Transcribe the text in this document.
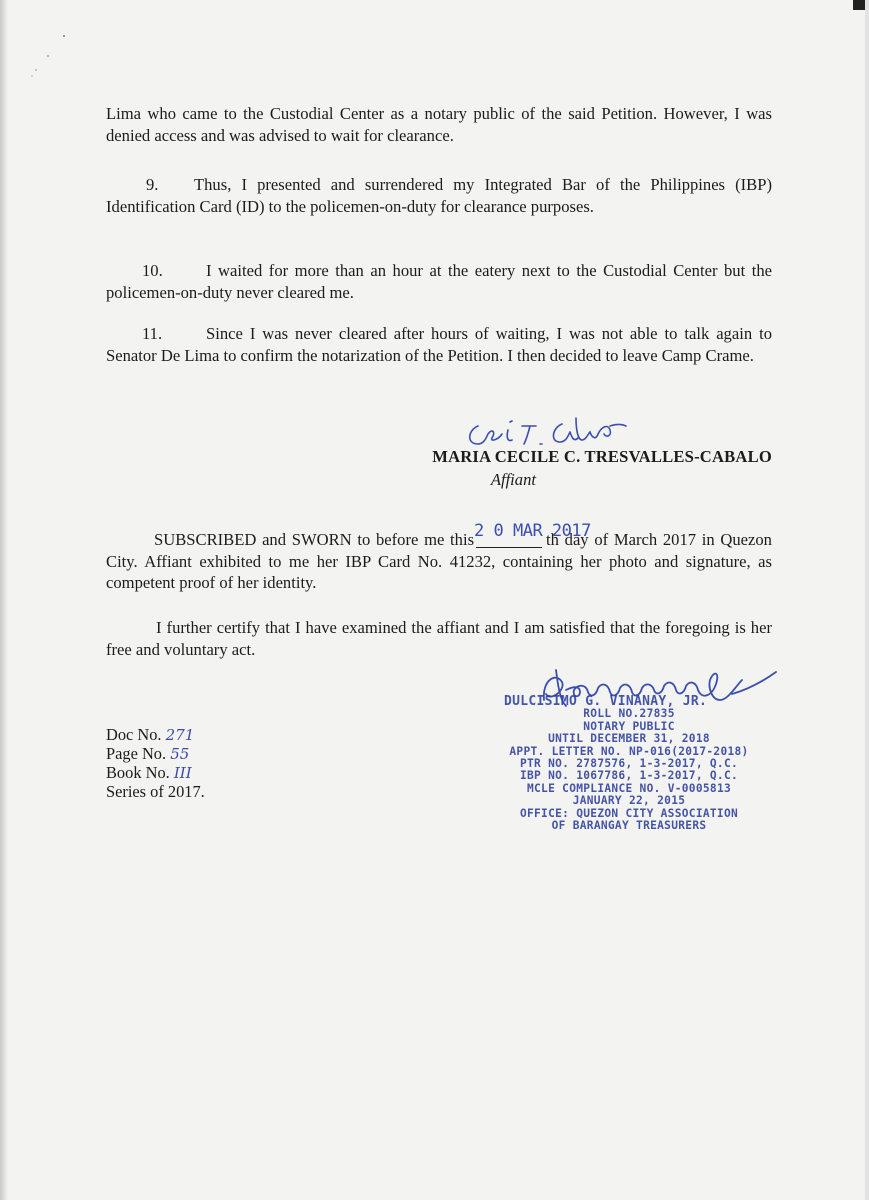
Lima who came to the Custodial Center as a notary public of the said Petition. However, I was denied access and was advised to wait for clearance.

9. Thus, I presented and surrendered my Integrated Bar of the Philippines (IBP) Identification Card (ID) to the policemen-on-duty for clearance purposes.

10.	I waited for more than an hour at the eatery next to the Custodial Center but the policemen-on-duty never cleared me.

11.	Since I was never cleared after hours of waiting, I was not able to talk again to Senator De Lima to confirm the notarization of the Petition. I then decided to leave Camp Crame.

MARIA CECILE C. TRESVALLES-CABALO
Affiant

SUBSCRIBED and SWORN to before me this 2 0 MAR 2017
th day of March 2017 in Quezon City. Affiant exhibited to me her IBP Card No. 41232, containing her photo and signature, as competent proof of her identity.

I further certify that I have examined the affiant and I am satisfied that the foregoing is her free and voluntary act.

DULCISIMO G. VINANAY, JR.
ROLL NO.27835
NOTARY PUBLIC
UNTIL DECEMBER 31, 2018
APPT. LETTER NO. NP-016(2017-2018)
PTR NO. 2787576, 1-3-2017, Q.C.
IBP NO. 1067786, 1-3-2017, Q.C.
MCLE COMPLIANCE NO. V-0005813
JANUARY 22, 2015
OFFICE: QUEZON CITY ASSOCIATION
OF BARANGAY TREASURERS
Doc No. 271
Page No. 55
Book No. III
Series of 2017.
